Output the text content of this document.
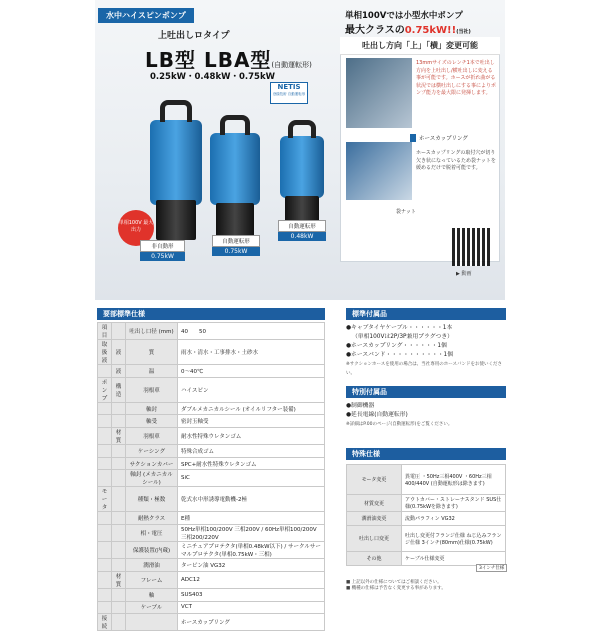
水中ハイスピンポンプ
上吐出しロタイプ
LB型 LBA型(自動運転形)
0.25kW・0.48kW・0.75kW
NETIS
登録技術 自動運転形
単相100V 最大出力
非自動形
0.75kW
自動運転形
0.75kW
自動運転形
0.48kW
単相100Vでは小型水中ポンプ
最大クラスの0.75kW!!(当社)
吐出し方向「上」「横」変更可能
13mmサイズのレンチ1本で吐出し方向を上吐出し/横吐出しに変える事が可能です。ホースが折れ曲がる状況では横吐出しにする事によりポンプ能力を最大限に発揮します。
ホースカップリング
ホースカップリングの取付穴が切り欠き状になっているため袋ナットを緩めるだけで脱着可能です。
袋ナット
▶ 動画
要部標準仕様
項目		吐出し口径 (mm)	40　　50
取扱液	液	質	雨水・清水・工事排水・土砂水
	液	温	0〜40℃
ポンプ	構造	羽根車	ハイスピン
		軸封	ダブルメカニカルシール (オイルリフター装備)
		軸受	密封玉軸受
	材質	羽根車	耐水性特殊ウレタンゴム
		ケーシング	特殊合成ゴム
		サクションカバー	SPC+耐水性特殊ウレタンゴム
		軸封 (メカニカルシール)	SiC
モータ		種類・極数	乾式水中形誘導電動機-2極
		耐熱クラス	E種
		相・電圧	50Hz単相100/200V 三相200V / 60Hz単相100/200V 三相200/220V
		保護装置(内蔵)	ミニチュアプロテクタ(単相0.48kW以下) / サークルサーマルプロテクタ(単相0.75kW・三相)
		潤滑油	タービン油 VG32
	材質	フレーム	ADC12
		軸	SUS403
		ケーブル	VCT
接続			ホースカップリング
標準付属品
●キャブタイヤケーブル・・・・・・1本
（単相100Vは2P/3P兼用プラグつき）
●ホースカップリング・・・・・・1個
●ホースバンド・・・・・・・・・・1個
※サクションホースを使用の場合は、当社専用のホースバンドをお使いください。
特別付属品
●制御機器
●延長電線(自動運転形)
※詳細はP.00のページ(自動運転形)をご覧ください。
特殊仕様
モータ変更	異電圧 ・50Hz三相400V ・60Hz三相400/440V (自動運転形は除きます)
材質変更	アウトカバー・ストレーナスタンド SUS仕様(0.75kWを除きます)
潤滑油変更	流動パラフィン VG32
吐出し口変更	吐出し変更付フランジ仕様 ねじ込みフランジ仕様 3インチ(80mm)仕様(0.75kW)
その他	ケーブル仕様変更
■ 上記以外の仕様についてはご相談ください。
■ 機種の仕様は予告なく変更する事があります。
3インチ仕様
